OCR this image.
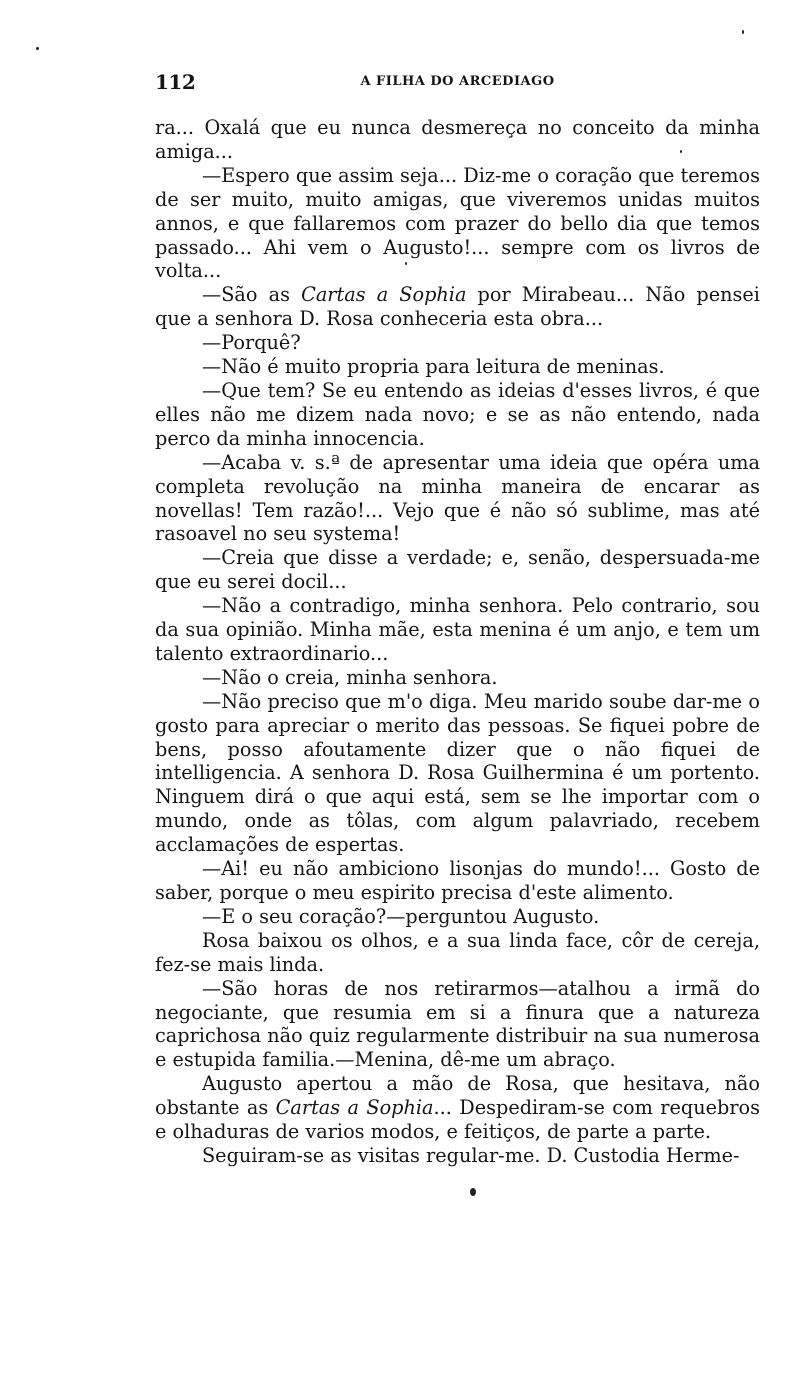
112	A FILHA DO ARCEDIAGO

ra... Oxalá que eu nunca desmereça no conceito da minha amiga...

—Espero que assim seja... Diz-me o coração que teremos de ser muito, muito amigas, que viveremos unidas muitos annos, e que fallaremos com prazer do bello dia que temos passado... Ahi vem o Augusto!... sempre com os livros de volta...

—São as Cartas a Sophia por Mirabeau... Não pensei que a senhora D. Rosa conheceria esta obra...

—Porquê?

—Não é muito propria para leitura de meninas.

—Que tem? Se eu entendo as ideias d'esses livros, é que elles não me dizem nada novo; e se as não entendo, nada perco da minha innocencia.

—Acaba v. s.ª de apresentar uma ideia que opéra uma completa revolução na minha maneira de encarar as novellas! Tem razão!... Vejo que é não só sublime, mas até rasoavel no seu systema!

—Creia que disse a verdade; e, senão, despersuada-me que eu serei docil...

—Não a contradigo, minha senhora. Pelo contrario, sou da sua opinião. Minha mãe, esta menina é um anjo, e tem um talento extraordinario...

—Não o creia, minha senhora.

—Não preciso que m'o diga. Meu marido soube dar-me o gosto para apreciar o merito das pessoas. Se fiquei pobre de bens, posso afoutamente dizer que o não fiquei de intelligencia. A senhora D. Rosa Guilhermina é um portento. Ninguem dirá o que aqui está, sem se lhe importar com o mundo, onde as tôlas, com algum palavriado, recebem acclamações de espertas.

—Ai! eu não ambiciono lisonjas do mundo!... Gosto de saber, porque o meu espirito precisa d'este alimento.

—E o seu coração?—perguntou Augusto.

Rosa baixou os olhos, e a sua linda face, côr de cereja, fez-se mais linda.

—São horas de nos retirarmos—atalhou a irmã do negociante, que resumia em si a finura que a natureza caprichosa não quiz regularmente distribuir na sua numerosa e estupida familia.—Menina, dê-me um abraço.

Augusto apertou a mão de Rosa, que hesitava, não obstante as Cartas a Sophia... Despediram-se com requebros e olhaduras de varios modos, e feitiços, de parte a parte.

Seguiram-se as visitas regular-me. D. Custodia Herme-
